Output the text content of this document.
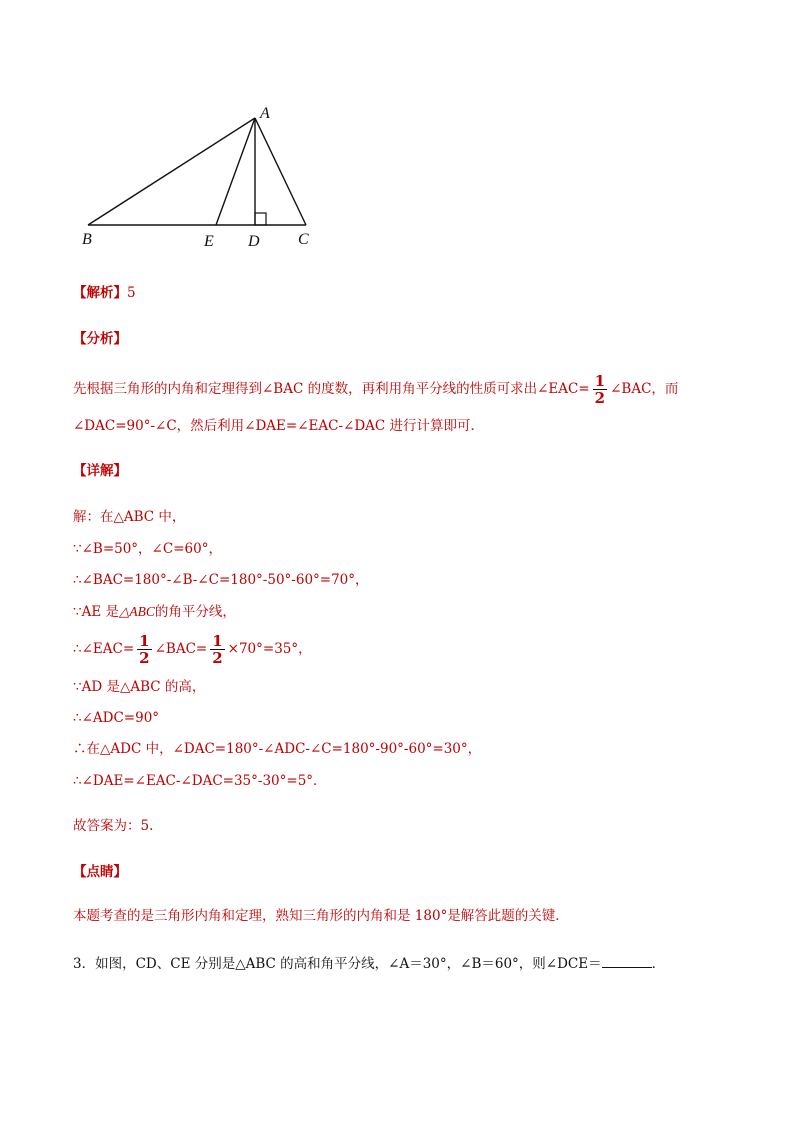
A
B	E D C
【解析】5
【分析】
先根据三角形的内角和定理得到∠BAC 的度数，再利用角平分线的性质可求出∠EAC= $\frac{1}{2}$ ∠BAC，而
∠DAC=90°-∠C，然后利用∠DAE=∠EAC-∠DAC 进行计算即可．
【详解】
解：在△ABC 中，
∵∠B=50°，∠C=60°，
∴∠BAC=180°-∠B-∠C=180°-50°-60°=70°，
∵AE 是△ABC的角平分线，
∴∠EAC= $\frac{1}{2}$ ∠BAC= $\frac{1}{2} \times 70^\circ=35^\circ$，
∵AD 是△ABC 的高，
∴∠ADC=90°
∴在△ADC 中，∠DAC=180°-∠ADC-∠C=180°-90°-60°=30°，
∴∠DAE=∠EAC-∠DAC=35°-30°=5°．
故答案为：5.
【点睛】
本题考查的是三角形内角和定理，熟知三角形的内角和是 180°是解答此题的关键．
3．如图，CD、CE 分别是△ABC 的高和角平分线，∠A＝30°，∠B＝60°，则∠DCE＝	．
